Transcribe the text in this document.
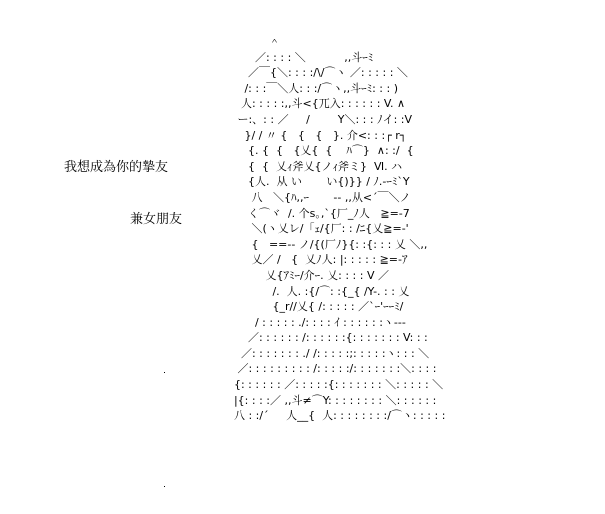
我想成為你的摯友
兼女朋友
＾
／: : : : ＼           ,,斗ｰﾐ
／￣{＼: : : :/\/⌒ヽ ／: : : : : ＼
/: : :￣＼人: : :/⌒ヽ,,斗ｰﾐ: : : )
人: : : : :,,斗<{兀入: : : : : : V. ∧
ー:、: : ／     /        Y＼: : : ﾉイ: :V
}/ / 〃 {   {   {   }. 介<: : :┌ r┐
{. {  {   {乂{  {    ﾊ⌒}  ∧: :/  {
{  {  乂ｨ斧乂{ノｨ斧ミ}  Ⅵ. ハ
{人.  从 い       い{)}} / ﾉ.-ｰﾐ`Y
八   ＼{ﾊ,,ｰ       ‐‐ ,,从<´￣＼ノ
く⌒ヾ  /. 个s｡,`{厂_ﾉ人   ≧=-7
＼(ヽ乂レ/「ｪ/{厂: : /ﾆ{乂≧=-'
{   ==-- ノ/{(厂ﾉ}{: :{: : : 乂 ＼,,
乂／ /   {  乂ﾉ人: |: : : : : ≧=-ｱ
乂{ｱﾐｰ/介ｰ. 乂: : : : V ／
/.  人. :{/⌒: :{_{ /Y-. : : 乂
{_r//乂{ /: : : : : ／`ｰ'ｰｰﾐ/
/ : : : : : ./: : : : ｲ : : : : : :ヽ--‐
／: : : : : : /: : : : : :{: : : : : : : V: : :
／: : : : : : : ./ /: : : : :;: : : : :ヽ: : : ＼
／: : : : : : : : : /: : : : :/: : : : : : :＼: : : :
{: : : : : : ／: : : : :{: : : : : : : ＼: : : : : ＼
|{: : : :／ ,,斗≠⌒Y: : : : : : : : ＼: : : : : :
八 : :/´     人__{  人: : : : : : : :/⌒ヽ: : : : :
